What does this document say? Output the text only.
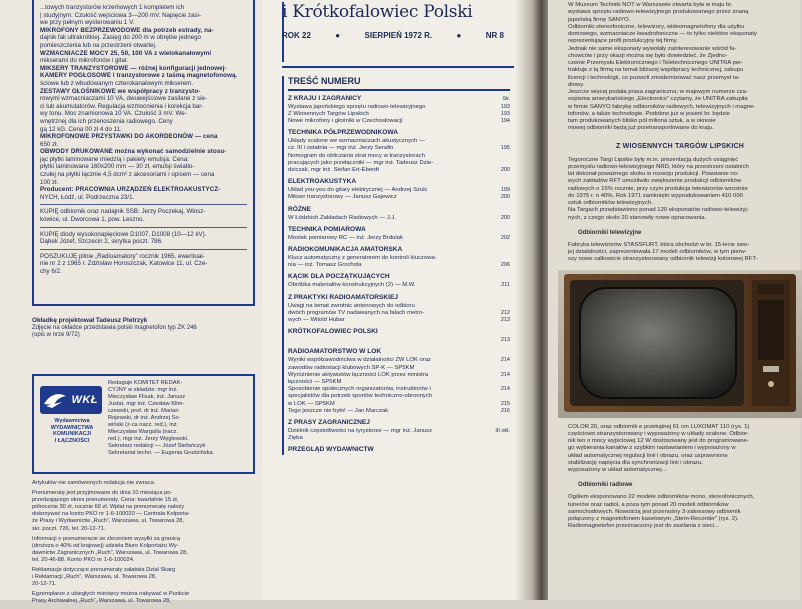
...towych tranzystorów krzemowych 1 kompletem ich
| studyjnym. Czułość wejściowa 3—200 mV. Napięcie zasi-
we przy pełnym wysterowaniu 1 V.
MIKROFONY BEZPRZEWODOWE dla potrzeb estrady, na-
dajnik fali ultrakrótkiej. Zasięg do 200 m w obrębie jednego
pomieszczenia lub na przestrzeni otwartej.
WZMACNIACZE MOCY 25, 50, 100 VA z wielokanałowymi
mikserami do mikrofonów i gitar.
MIKSERY TRANZYSTOROWE — różnej konfiguracji jednowej-
KAMERY POGŁOSOWE i tranzystorowe z taśmą magnetofonową.
ściowe lub z wbudowanym czterokanałowym mikserem.
ZESTAWY GŁOŚNIKOWE we współpracy z tranzysto-
rowymi wzmacniaczami 10 VA, dwuwejściowe zasilane z sie-
ci lub akumulatorów. Regulacja wzmocnienia i korekcja bar-
wy tonu. Moc znamionowa 10 VA. Czułość 3 mV. We-
wnętrznej dla ich przenoszenia radiowego. Ceny
gą 12 kG. Cena 00 zł 4 do 11.
MIKROFONOWE PRZYSTAWKI DO AKORDEONÓW — cena
650 zł.
OBWODY DRUKOWANE można wykonać samodzielnie stosu-
jąc płytki laminowane miedzią i pakiety emulsja. Cena:
płytki laminowane 160x200 mm — 30 zł, emulsji światło-
czułej na płytki łącznie 4,5 dcm² z akcesoriami i opisem — cena
100 zł.
Producent: PRACOWNIA URZĄDZEŃ ELEKTROAKUSTYCZ-
NYCH, Łódź, ul. Podrzeczna 23/1.
KUPIĘ odbiornik oraz nadajnik SSB. Jerzy Poczekaj, Włosz-
kowice, ul. Dworcowa 1, pow. Leszno.
KUPIĘ diody wysokonapięciowe D1007, D1008 (10—12 kV).
Dąbek Józef, Szczecin 2, skrytka poczt. 786.
POSZUKUJĘ pilnie „Radioamatory” rocznik 1965, ewentual-
nie nr 2 z 1965 r. Zdzisław Horoszczak, Katowice 11, ul. Cze-
chy 6/2.
Okładkę projektował Tadeusz Pietrzyk
Zdjęcie na okładce przedstawia polski magnetofon typ ZK 246
(opis w nrze 9/72)
WKŁ
Wydawnictwa
WYDAWNICTWA
KOMUNIKACJI
I ŁĄCZNOŚCI
Redaguje KOMITET REDAK-
CYJNY w składzie: mgr inż.
Mieczysław Flisak, inż. Janusz
Justat, mgr inż. Czesław Klim-
czewski, prof. dr inż. Marian
Rojewski, dr inż. Andrzej So-
wiński (z-ca nacz. red.), inż.
Mieczysław Wargalla (nacz.
red.), mgr inż. Jerzy Węglewski.
Sekretarz redakcji — Józef Stefańczyk
Sekretariat techn. — Eugenia Grudzińska.
Artykułów nie zamówionych redakcja nie zwraca.
Prenumeratę jest przyjmowane do dnia 10 miesiąca po-
przedzającego okres prenumeraty. Cena: kwartalnie 15 zł,
półrocznie 30 zł, rocznie 60 zł. Wpłat na prenumeratę należy
dokonywać na konto PKO nr 1-6-100020 — Centrala Kolporta-
że Prasy i Wydawnictw „Ruch”, Warszawa, ul. Towarowa 28,
skr. poczt. 726, tel. 20-12-71.
Informacji o prenumeracie ze zleceniem wysyłki za granicą
(droższa o 40% od krajowej) udziela Biuro Kolportażu Wy-
dawnictw Zagranicznych „Ruch”, Warszawa, ul. Towarowa 28,
tel. 20-46-88. Konto PKO nr 1-6-100024.
Reklamacje dotyczące prenumeraty załatwia Dział Skarg
i Reklamacji „Ruch”, Warszawa, ul. Towarowa 28,
20-12-71.
Egzemplarze z ubiegłych miesięcy można nabywać w Punkcie
Prasy Archiwalnej „Ruch”, Warszawa, ul. Towarowa 28,
i Krótkofalowiec Polski
ROK 22	●	SIERPIEŃ 1972 R.	●	NR 8
TREŚĆ NUMERU
Z KRAJU I ZAGRANICY	Str.
Wystawa japońskiego sprzętu radiowo-telewizyjnego	193
Z Wiosennych Targów Lipskich	193
Nowe mikrofony i głośniki w Czechosłowacji	194
TECHNIKA PÓŁPRZEWODNIKOWA
Układy scalone we wzmacniaczach akustycznych —
cz. III i ostatnia — mgr inż. Jerzy Serafin	195
Nomogram do obliczania strat mocy w tranzystorach
pracujących jako przełączniki — mgr inż. Tadeusz Dzie-
dziczak, mgr inż. Stefan Ert-Eberdt	200
ELEKTROAKUSTYKA
Układ you-you do gitary elektrycznej — Andrzej Szulc	199
Mikser tranzystorowy — Janusz Gajewicz	200
RÓŻNE
W Łódzkich Zakładach Radiowych — J.J.	200
TECHNIKA POMIAROWA
Mostek pomiarowy RC — inż. Jerzy Brdulak	202
RADIOKOMUNIKACJA AMATORSKA
Klucz automatyczny z generatorem do kontroli kluczowa-
nia — inż. Tomasz Grochola	206
KĄCIK DLA POCZĄTKUJĄCYCH
Obróbka materiałów konstrukcyjnych (2) — M.W.	211
Z PRAKTYKI RADIOAMATORSKIEJ
Uwagi na temat zwrotnic antenowych do odbioru
dwóch programów TV nadawanych na falach metro-	212
wych — Witold Hubar	213
KRÓTKOFALOWIEC POLSKI
213
RADIOAMATORSTWO W LOK
Wyniki współzawodnictwa w działalności ZW LOK oraz	214
zawodów radiostacji klubowych SP-K — SP5KM
Wyróżnienie aktywistów łączności LOK przez ministra	214
łączności — SP5KM
Sposobienie społecznych organizatorów, instruktorów i	214
specjalistów dla potrzeb sportów techniczno-obronnych
w LOK — SP5KM	215
Tego jeszcze nie było! — Jan Marczak	216
Z PRASY ZAGRANICZNEJ
Dzielnik częstotliwości na tyrystorze — mgr inż. Janusz	III okł.
Zięba
PRZEGLĄD WYDAWNICTW
W Muzeum Techniki NOT w Warszawie otwarta była w maju br.
wystawa sprzętu radiowo-telewizyjnego produkowanego przez znaną
japońską firmę SANYO.
Odbiorniki stereofoniczne, telewizory, wideomagnetofony dla użytku
domowego, wzmacniacze kwadrofoniczne — to tylko niektóre eksponaty
reprezentujące profil produkcyjny tej firmy.
Jednak nie same eksponaty wywołały zainteresowanie wśród fa-
chowców i przy okazji można się było dowiedzieć, że Zjedno-
czenie Przemysłu Elektronicznego i Teletechnicznego UNITRA per-
traktuje z tą firmą na temat bliższej współpracy technicznej, zakupu
licencji i technologii, co pozwoli zmodernizować nasz przemysł ra-
diowy.
Jeszcze więcej podała prasa zagraniczna; w majowym numerze cza-
sopisma amerykańskiego „Electronics” czytamy, że UNITRA zakupiła
w firmie SANYO fabrykę odbiorników radiowych, telewizyjnych i magne-
tofonów, a także technologie. Podobno już w jesieni br. będzie
tam produkowanych blisko pół miliona sztuk, a w okresie
mowej odbiorniki będą już przetransportowane do kraju.
Z WIOSENNYCH TARGÓW LIPSKICH
Tegoroczne Targi Lipskie były m.in. prezentacją dużych osiągnięć
przemysłu radiowo-telewizyjnego NRD, który na przestrzeni ostatnich
lat dokonał poważnego skoku w rozwoju produkcji. Powstanie no-
wych zakładów RFT umożliwiło zwiększenie produkcji odbiorników
radiowych o 15% rocznie, przy czym produkcja telewizorów wzrośnie
do 1975 r. o 40%. Rok 1971 zamknięto wyprodukowaniem 410 000
sztuk odbiorników telewizyjnych.
Na Targach przedstawiono ponad 120 eksponatów radiowo-telewizyj-
nych, z czego około 20 stanowiły nowe opracowania.
Odbiorniki telewizyjne
Fabryka telewizorów STASSFURT, która obchodzi w br. 15-lecie swo-
jej działalności, zaprezentowała 17 modeli odbiorników, w tym pierw-
szy nowe całkowicie stranzystorowany odbiornik telewizji kolorowej RFT-
COLOR 20, oraz odbiornik e przekątnej 61 cm LUXOMAT 110 (rys. 1)
częściowo stranzystorowany i wyposażony w układy scalone. Odbior-
nik ten o mocy wyjściowej 12 W dostosowany jest do programowane-
go wybierania kanałów z szybkim nastawianiem i wyposażony w
układ automatycznej regulacji linii i obrazu, oraz usprawnione
stabilizację napięcia dla synchronizacji linii i obrazu.
wyposażony w układ automatycznej...
Odbiorniki radiowe
Ogółem eksponowano 22 modele odbiorników mono, stereofonicznych,
tunerów oraz radiol, a poza tym ponad 20 modeli odbiorników
samochodowych. Nowością jest przenośny 3-zakresowy odbiornik
połączony z magnetofonem kasetowym „Stern-Recorder” (rys. 2).
Radiomagnetofon przeznaczony jest do zasilania z sieci...
